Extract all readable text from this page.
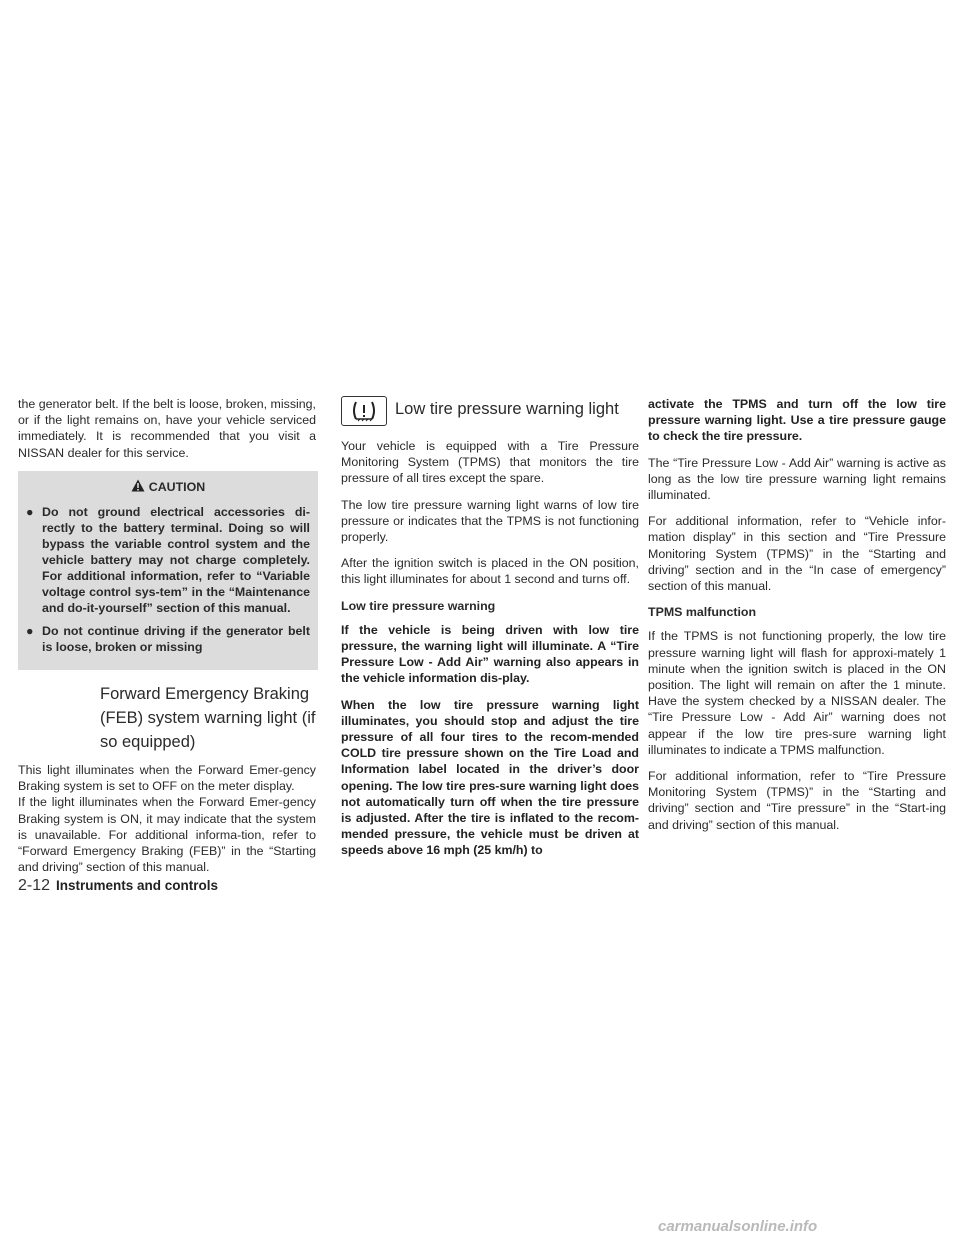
the generator belt. If the belt is loose, broken, missing, or if the light remains on, have your vehicle serviced immediately. It is recommended that you visit a NISSAN dealer for this service.

CAUTION
● Do not ground electrical accessories di-rectly to the battery terminal. Doing so will bypass the variable control system and the vehicle battery may not charge completely. For additional information, refer to “Variable voltage control sys-tem” in the “Maintenance and do-it-yourself” section of this manual.
● Do not continue driving if the generator belt is loose, broken or missing
Forward Emergency Braking (FEB) system warning light (if so equipped)

This light illuminates when the Forward Emer-gency Braking system is set to OFF on the meter display.

If the light illuminates when the Forward Emer-gency Braking system is ON, it may indicate that the system is unavailable. For additional informa-tion, refer to “Forward Emergency Braking (FEB)” in the “Starting and driving” section of this manual.

Low tire pressure warning light

Your vehicle is equipped with a Tire Pressure Monitoring System (TPMS) that monitors the tire pressure of all tires except the spare.

The low tire pressure warning light warns of low tire pressure or indicates that the TPMS is not functioning properly.

After the ignition switch is placed in the ON position, this light illuminates for about 1 second and turns off.

Low tire pressure warning

If the vehicle is being driven with low tire pressure, the warning light will illuminate. A “Tire Pressure Low - Add Air” warning also appears in the vehicle information dis-play.

When the low tire pressure warning light illuminates, you should stop and adjust the tire pressure of all four tires to the recom-mended COLD tire pressure shown on the Tire Load and Information label located in the driver’s door opening. The low tire pres-sure warning light does not automatically turn off when the tire pressure is adjusted. After the tire is inflated to the recom-mended pressure, the vehicle must be driven at speeds above 16 mph (25 km/h) to

activate the TPMS and turn off the low tire pressure warning light. Use a tire pressure gauge to check the tire pressure.

The “Tire Pressure Low - Add Air” warning is active as long as the low tire pressure warning light remains illuminated.

For additional information, refer to “Vehicle infor-mation display” in this section and “Tire Pressure Monitoring System (TPMS)” in the “Starting and driving” section and in the “In case of emergency” section of this manual.

TPMS malfunction

If the TPMS is not functioning properly, the low tire pressure warning light will flash for approxi-mately 1 minute when the ignition switch is placed in the ON position. The light will remain on after the 1 minute. Have the system checked by a NISSAN dealer. The “Tire Pressure Low - Add Air” warning does not appear if the low tire pres-sure warning light illuminates to indicate a TPMS malfunction.

For additional information, refer to “Tire Pressure Monitoring System (TPMS)” in the “Starting and driving” section and “Tire pressure” in the “Start-ing and driving” section of this manual.

2-12 Instruments and controls
carmanualsonline.info
